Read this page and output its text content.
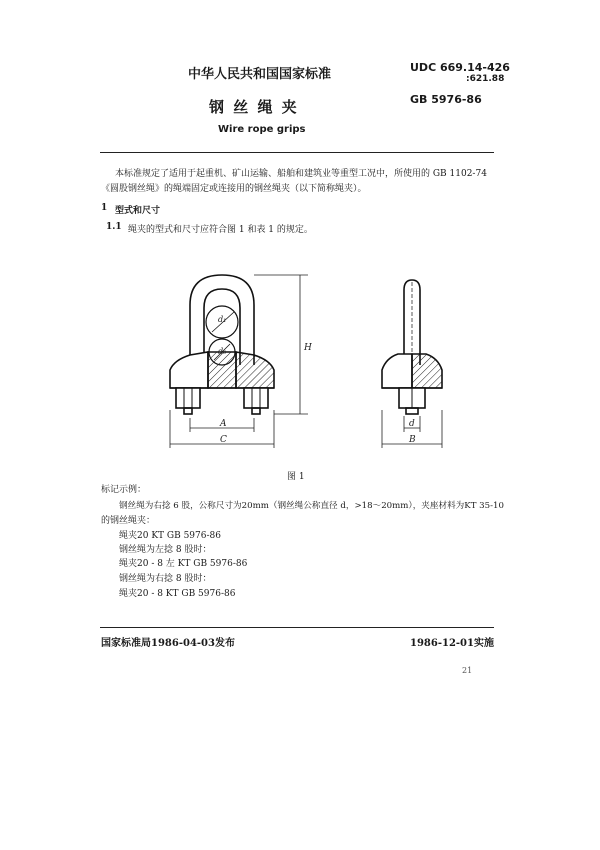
中华人民共和国国家标准	UDC 669.14-426
:621.88
GB 5976-86
钢 丝 绳 夹
Wire rope grips
本标准规定了适用于起重机、矿山运输、船舶和建筑业等重型工况中，所使用的 GB 1102-74
《圆股钢丝绳》的绳端固定或连接用的钢丝绳夹（以下简称绳夹）。
1 型式和尺寸
1.1 绳夹的型式和尺寸应符合图 1 和表 1 的规定。
H
A
C
d
B
d₁
d₀
图 1
标记示例：
钢丝绳为右捻 6 股，公称尺寸为20mm（钢丝绳公称直径 d，>18～20mm），夹座材料为KT 35-10
的钢丝绳夹：
绳夹20 KT GB 5976-86
钢丝绳为左捻 8 股时：
绳夹20 - 8 左 KT GB 5976-86
钢丝绳为右捻 8 股时：
绳夹20 - 8 KT GB 5976-86
国家标准局1986-04-03发布	1986-12-01实施
21
